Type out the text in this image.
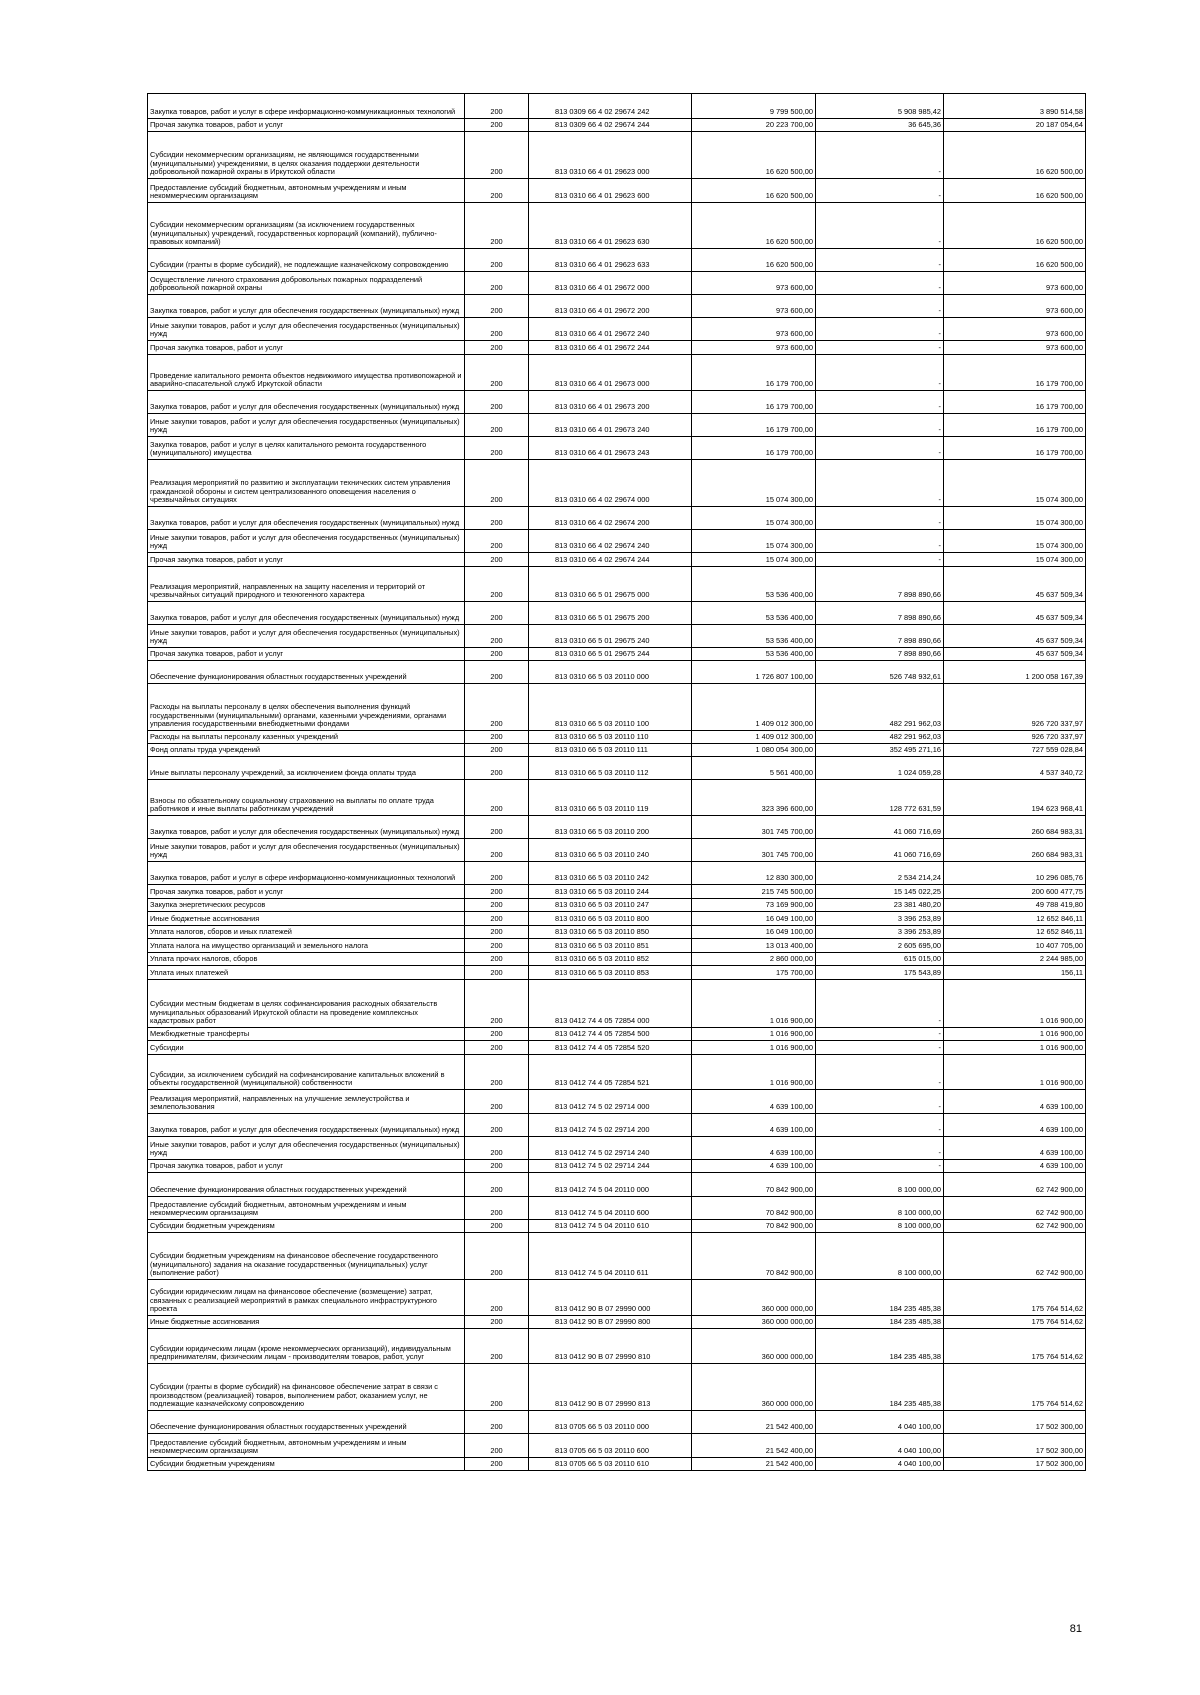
Закупка товаров, работ и услуг в сфере информационно-коммуникационных технологий	200	813 0309 66 4 02 29674 242	9 799 500,00	5 908 985,42	3 890 514,58
Прочая закупка товаров, работ и услуг	200	813 0309 66 4 02 29674 244	20 223 700,00	36 645,36	20 187 054,64
Субсидии некоммерческим организациям, не являющимся государственными (муниципальными) учреждениями, в целях оказания поддержки деятельности добровольной пожарной охраны в Иркутской области	200	813 0310 66 4 01 29623 000	16 620 500,00	-	16 620 500,00
Предоставление субсидий бюджетным, автономным учреждениям и иным некоммерческим организациям	200	813 0310 66 4 01 29623 600	16 620 500,00	-	16 620 500,00
Субсидии некоммерческим организациям (за исключением государственных (муниципальных) учреждений, государственных корпораций (компаний), публично-правовых компаний)	200	813 0310 66 4 01 29623 630	16 620 500,00	-	16 620 500,00
Субсидии (гранты в форме субсидий), не подлежащие казначейскому сопровождению	200	813 0310 66 4 01 29623 633	16 620 500,00	-	16 620 500,00
Осуществление личного страхования добровольных пожарных подразделений добровольной пожарной охраны	200	813 0310 66 4 01 29672 000	973 600,00	-	973 600,00
Закупка товаров, работ и услуг для обеспечения государственных (муниципальных) нужд	200	813 0310 66 4 01 29672 200	973 600,00	-	973 600,00
Иные закупки товаров, работ и услуг для обеспечения государственных (муниципальных) нужд	200	813 0310 66 4 01 29672 240	973 600,00	-	973 600,00
Прочая закупка товаров, работ и услуг	200	813 0310 66 4 01 29672 244	973 600,00	-	973 600,00
Проведение капитального ремонта объектов недвижимого имущества противопожарной и аварийно-спасательной служб Иркутской области	200	813 0310 66 4 01 29673 000	16 179 700,00	-	16 179 700,00
Закупка товаров, работ и услуг для обеспечения государственных (муниципальных) нужд	200	813 0310 66 4 01 29673 200	16 179 700,00	-	16 179 700,00
Иные закупки товаров, работ и услуг для обеспечения государственных (муниципальных) нужд	200	813 0310 66 4 01 29673 240	16 179 700,00	-	16 179 700,00
Закупка товаров, работ и услуг в целях капитального ремонта государственного (муниципального) имущества	200	813 0310 66 4 01 29673 243	16 179 700,00	-	16 179 700,00
Реализация мероприятий по развитию и эксплуатации технических систем управления гражданской обороны и систем централизованного оповещения населения о чрезвычайных ситуациях	200	813 0310 66 4 02 29674 000	15 074 300,00	-	15 074 300,00
Закупка товаров, работ и услуг для обеспечения государственных (муниципальных) нужд	200	813 0310 66 4 02 29674 200	15 074 300,00	-	15 074 300,00
Иные закупки товаров, работ и услуг для обеспечения государственных (муниципальных) нужд	200	813 0310 66 4 02 29674 240	15 074 300,00	-	15 074 300,00
Прочая закупка товаров, работ и услуг	200	813 0310 66 4 02 29674 244	15 074 300,00	-	15 074 300,00
Реализация мероприятий, направленных на защиту населения и территорий от чрезвычайных ситуаций природного и техногенного характера	200	813 0310 66 5 01 29675 000	53 536 400,00	7 898 890,66	45 637 509,34
Закупка товаров, работ и услуг для обеспечения государственных (муниципальных) нужд	200	813 0310 66 5 01 29675 200	53 536 400,00	7 898 890,66	45 637 509,34
Иные закупки товаров, работ и услуг для обеспечения государственных (муниципальных) нужд	200	813 0310 66 5 01 29675 240	53 536 400,00	7 898 890,66	45 637 509,34
Прочая закупка товаров, работ и услуг	200	813 0310 66 5 01 29675 244	53 536 400,00	7 898 890,66	45 637 509,34
Обеспечение функционирования областных государственных учреждений	200	813 0310 66 5 03 20110 000	1 726 807 100,00	526 748 932,61	1 200 058 167,39
Расходы на выплаты персоналу в целях обеспечения выполнения функций государственными (муниципальными) органами, казенными учреждениями, органами управления государственными внебюджетными фондами	200	813 0310 66 5 03 20110 100	1 409 012 300,00	482 291 962,03	926 720 337,97
Расходы на выплаты персоналу казенных учреждений	200	813 0310 66 5 03 20110 110	1 409 012 300,00	482 291 962,03	926 720 337,97
Фонд оплаты труда учреждений	200	813 0310 66 5 03 20110 111	1 080 054 300,00	352 495 271,16	727 559 028,84
Иные выплаты персоналу учреждений, за исключением фонда оплаты труда	200	813 0310 66 5 03 20110 112	5 561 400,00	1 024 059,28	4 537 340,72
Взносы по обязательному социальному страхованию на выплаты по оплате труда работников и иные выплаты работникам учреждений	200	813 0310 66 5 03 20110 119	323 396 600,00	128 772 631,59	194 623 968,41
Закупка товаров, работ и услуг для обеспечения государственных (муниципальных) нужд	200	813 0310 66 5 03 20110 200	301 745 700,00	41 060 716,69	260 684 983,31
Иные закупки товаров, работ и услуг для обеспечения государственных (муниципальных) нужд	200	813 0310 66 5 03 20110 240	301 745 700,00	41 060 716,69	260 684 983,31
Закупка товаров, работ и услуг в сфере информационно-коммуникационных технологий	200	813 0310 66 5 03 20110 242	12 830 300,00	2 534 214,24	10 296 085,76
Прочая закупка товаров, работ и услуг	200	813 0310 66 5 03 20110 244	215 745 500,00	15 145 022,25	200 600 477,75
Закупка энергетических ресурсов	200	813 0310 66 5 03 20110 247	73 169 900,00	23 381 480,20	49 788 419,80
Иные бюджетные ассигнования	200	813 0310 66 5 03 20110 800	16 049 100,00	3 396 253,89	12 652 846,11
Уплата налогов, сборов и иных платежей	200	813 0310 66 5 03 20110 850	16 049 100,00	3 396 253,89	12 652 846,11
Уплата налога на имущество организаций и земельного налога	200	813 0310 66 5 03 20110 851	13 013 400,00	2 605 695,00	10 407 705,00
Уплата прочих налогов, сборов	200	813 0310 66 5 03 20110 852	2 860 000,00	615 015,00	2 244 985,00
Уплата иных платежей	200	813 0310 66 5 03 20110 853	175 700,00	175 543,89	156,11
Субсидии местным бюджетам в целях софинансирования расходных обязательств муниципальных образований Иркутской области на проведение комплексных кадастровых работ	200	813 0412 74 4 05 72854 000	1 016 900,00	-	1 016 900,00
Межбюджетные трансферты	200	813 0412 74 4 05 72854 500	1 016 900,00	-	1 016 900,00
Субсидии	200	813 0412 74 4 05 72854 520	1 016 900,00	-	1 016 900,00
Субсидии, за исключением субсидий на софинансирование капитальных вложений в объекты государственной (муниципальной) собственности	200	813 0412 74 4 05 72854 521	1 016 900,00	-	1 016 900,00
Реализация мероприятий, направленных на улучшение землеустройства и землепользования	200	813 0412 74 5 02 29714 000	4 639 100,00	-	4 639 100,00
Закупка товаров, работ и услуг для обеспечения государственных (муниципальных) нужд	200	813 0412 74 5 02 29714 200	4 639 100,00	-	4 639 100,00
Иные закупки товаров, работ и услуг для обеспечения государственных (муниципальных) нужд	200	813 0412 74 5 02 29714 240	4 639 100,00	-	4 639 100,00
Прочая закупка товаров, работ и услуг	200	813 0412 74 5 02 29714 244	4 639 100,00	-	4 639 100,00
Обеспечение функционирования областных государственных учреждений	200	813 0412 74 5 04 20110 000	70 842 900,00	8 100 000,00	62 742 900,00
Предоставление субсидий бюджетным, автономным учреждениям и иным некоммерческим организациям	200	813 0412 74 5 04 20110 600	70 842 900,00	8 100 000,00	62 742 900,00
Субсидии бюджетным учреждениям	200	813 0412 74 5 04 20110 610	70 842 900,00	8 100 000,00	62 742 900,00
Субсидии бюджетным учреждениям на финансовое обеспечение государственного (муниципального) задания на оказание государственных (муниципальных) услуг (выполнение работ)	200	813 0412 74 5 04 20110 611	70 842 900,00	8 100 000,00	62 742 900,00
Субсидии юридическим лицам на финансовое обеспечение (возмещение) затрат, связанных с реализацией мероприятий в рамках специального инфраструктурного проекта	200	813 0412 90 В 07 29990 000	360 000 000,00	184 235 485,38	175 764 514,62
Иные бюджетные ассигнования	200	813 0412 90 В 07 29990 800	360 000 000,00	184 235 485,38	175 764 514,62
Субсидии юридическим лицам (кроме некоммерческих организаций), индивидуальным предпринимателям, физическим лицам - производителям товаров, работ, услуг	200	813 0412 90 В 07 29990 810	360 000 000,00	184 235 485,38	175 764 514,62
Субсидии (гранты в форме субсидий) на финансовое обеспечение затрат в связи с производством (реализацией) товаров, выполнением работ, оказанием услуг, не подлежащие казначейскому сопровождению	200	813 0412 90 В 07 29990 813	360 000 000,00	184 235 485,38	175 764 514,62
Обеспечение функционирования областных государственных учреждений	200	813 0705 66 5 03 20110 000	21 542 400,00	4 040 100,00	17 502 300,00
Предоставление субсидий бюджетным, автономным учреждениям и иным некоммерческим организациям	200	813 0705 66 5 03 20110 600	21 542 400,00	4 040 100,00	17 502 300,00
Субсидии бюджетным учреждениям	200	813 0705 66 5 03 20110 610	21 542 400,00	4 040 100,00	17 502 300,00
81
